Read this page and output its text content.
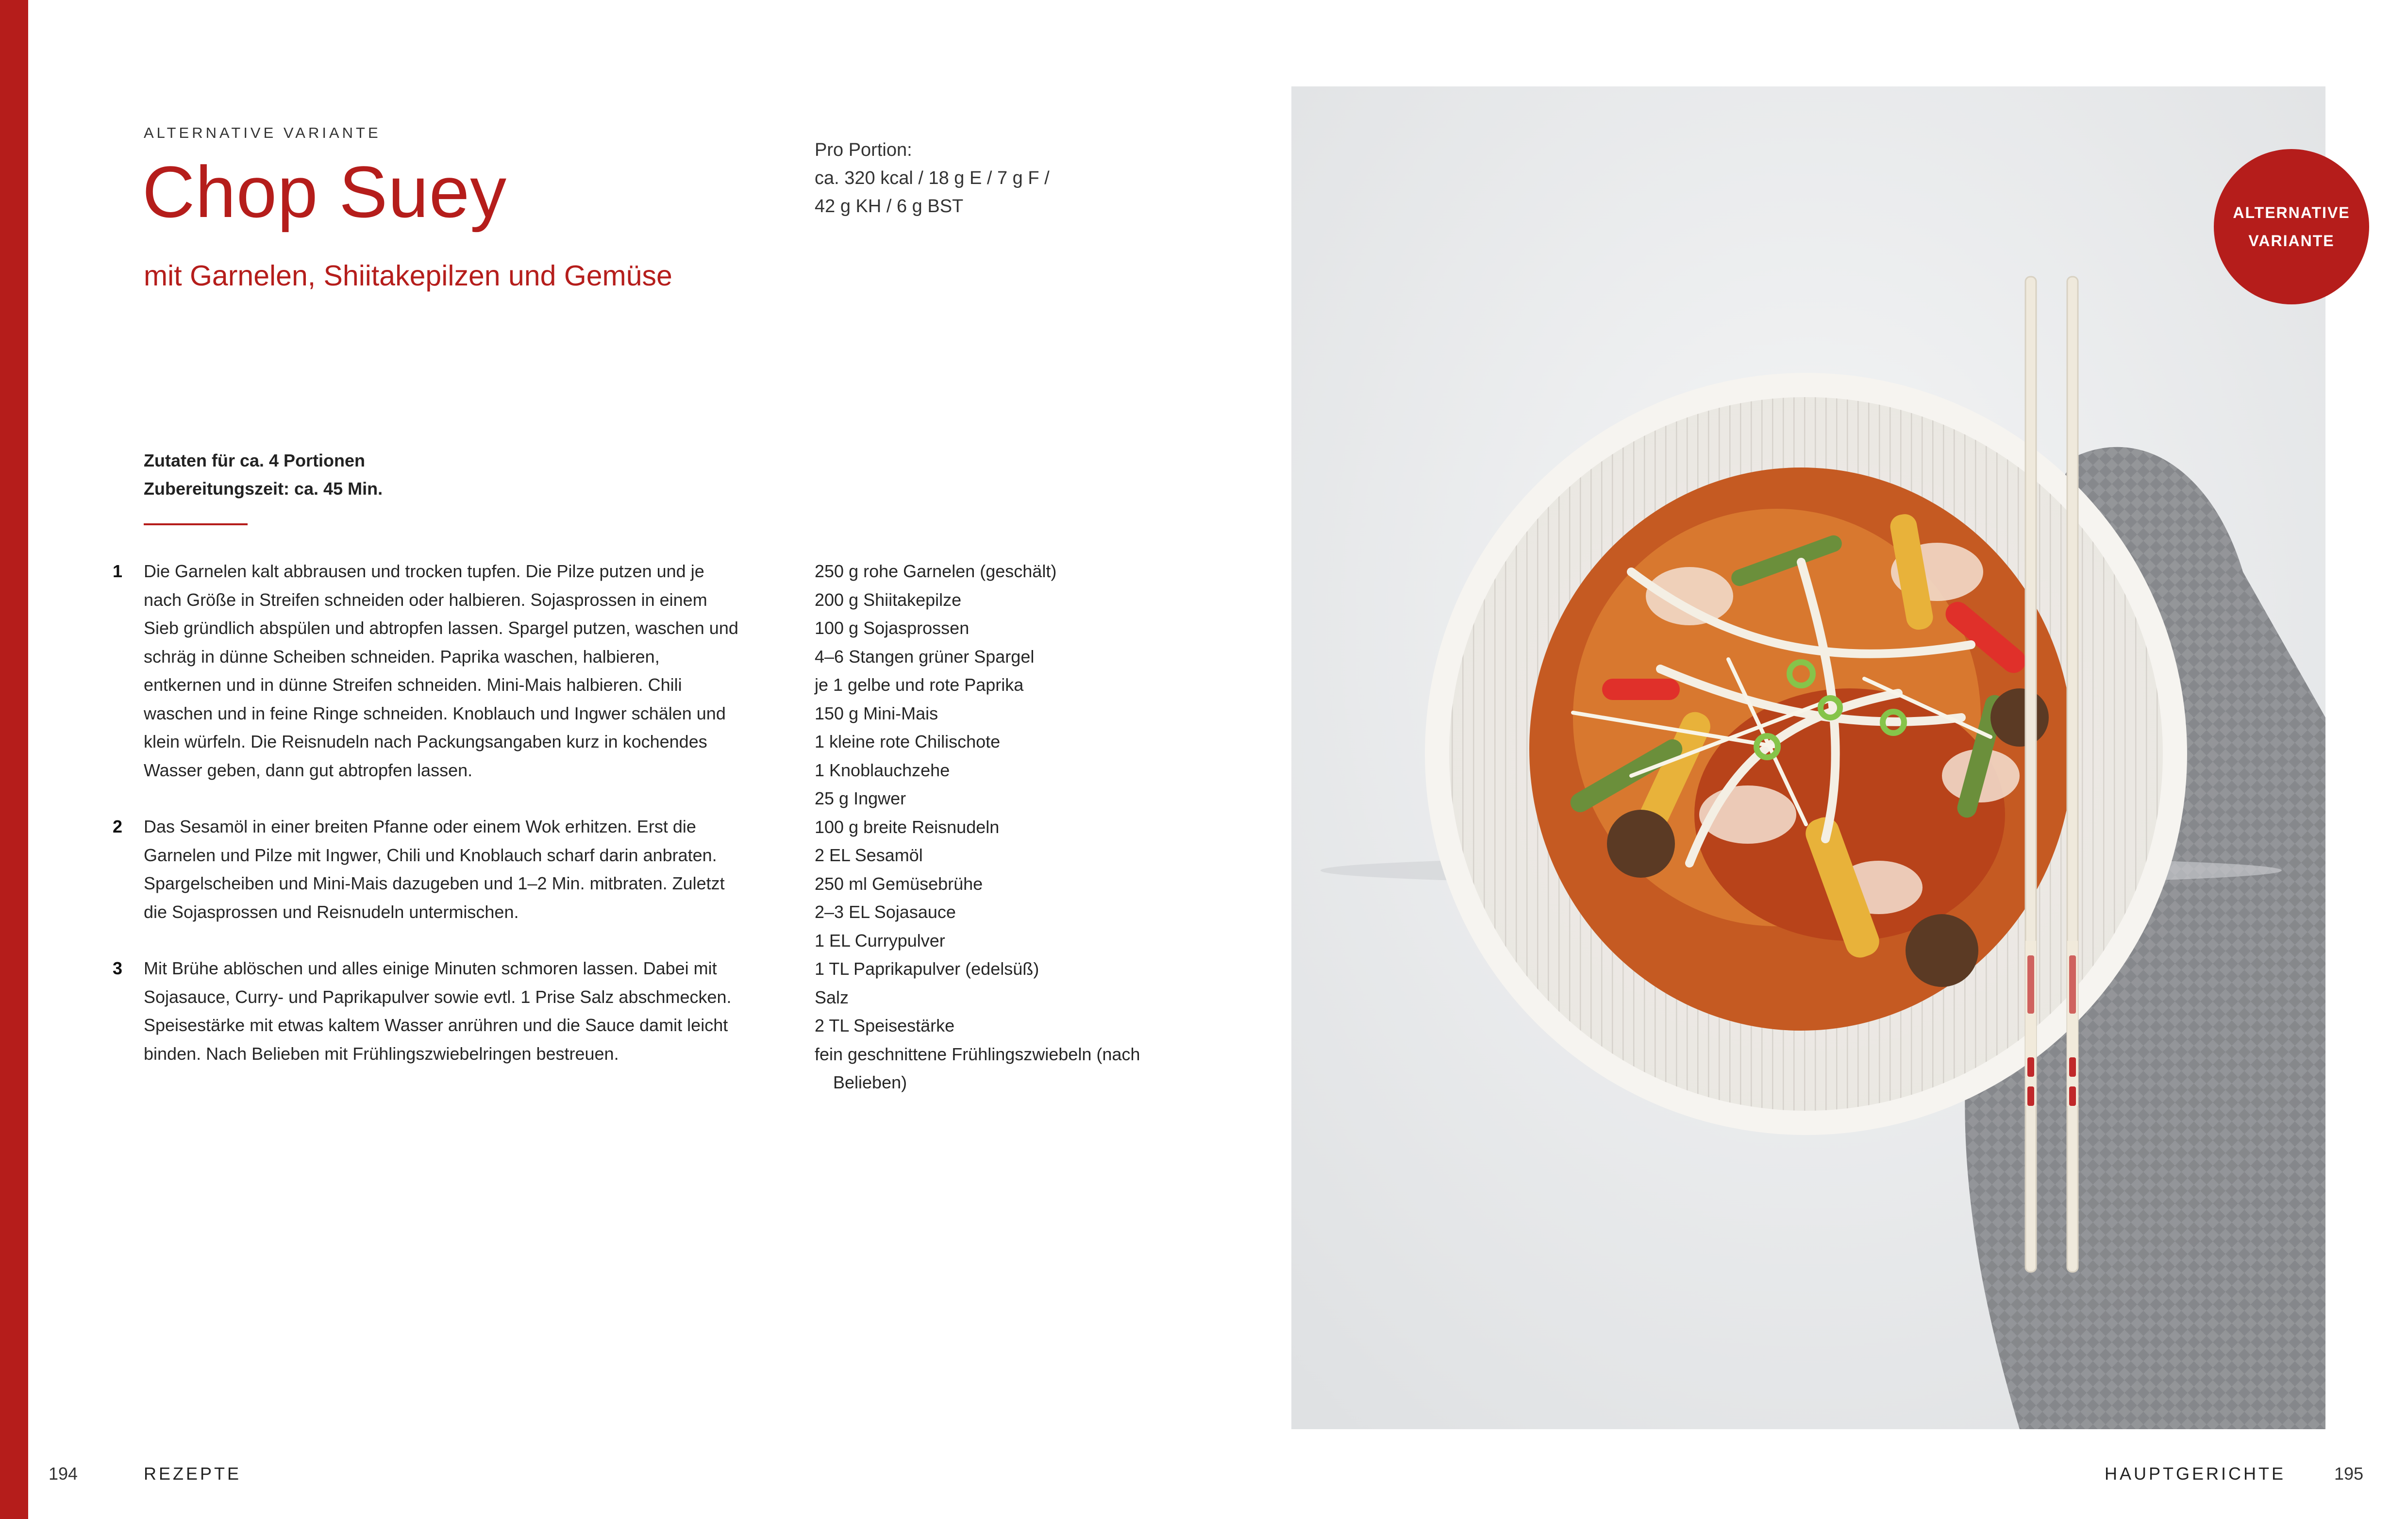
ALTERNATIVE VARIANTE
Chop Suey
mit Garnelen, Shiitakepilzen und Gemüse
Pro Portion:
ca. 320 kcal / 18 g E / 7 g F /
42 g KH / 6 g BST
Zutaten für ca. 4 Portionen
Zubereitungszeit: ca. 45 Min.
1 Die Garnelen kalt abbrausen und trocken tupfen. Die Pilze putzen und je nach Größe in Streifen schneiden oder halbieren. Sojasprossen in einem Sieb gründlich abspülen und abtropfen lassen. Spargel putzen, waschen und schräg in dünne Scheiben schneiden. Paprika waschen, halbieren, entkernen und in dünne Streifen schneiden. Mini-Mais halbieren. Chili waschen und in feine Ringe schneiden. Knoblauch und Ingwer schälen und klein würfeln. Die Reisnudeln nach Packungsangaben kurz in kochendes Wasser geben, dann gut abtropfen lassen.
2 Das Sesamöl in einer breiten Pfanne oder einem Wok erhitzen. Erst die Garnelen und Pilze mit Ingwer, Chili und Knoblauch scharf darin anbraten. Spargelscheiben und Mini-Mais dazugeben und 1–2 Min. mitbraten. Zuletzt die Sojasprossen und Reisnudeln untermischen.
3 Mit Brühe ablöschen und alles einige Minuten schmoren lassen. Dabei mit Sojasauce, Curry- und Paprikapulver sowie evtl. 1 Prise Salz abschmecken. Speisestärke mit etwas kaltem Wasser anrühren und die Sauce damit leicht binden. Nach Belieben mit Frühlingszwiebelringen bestreuen.
250 g rohe Garnelen (geschält)
200 g Shiitakepilze
100 g Sojasprossen
4–6 Stangen grüner Spargel
je 1 gelbe und rote Paprika
150 g Mini-Mais
1 kleine rote Chilischote
1 Knoblauchzehe
25 g Ingwer
100 g breite Reisnudeln
2 EL Sesamöl
250 ml Gemüsebrühe
2–3 EL Sojasauce
1 EL Currypulver
1 TL Paprikapulver (edelsüß)
Salz
2 TL Speisestärke
fein geschnittene Frühlingszwiebeln (nach Belieben)
194	REZEPTE
ALTERNATIVE
VARIANTE
HAUPTGERICHTE	195
